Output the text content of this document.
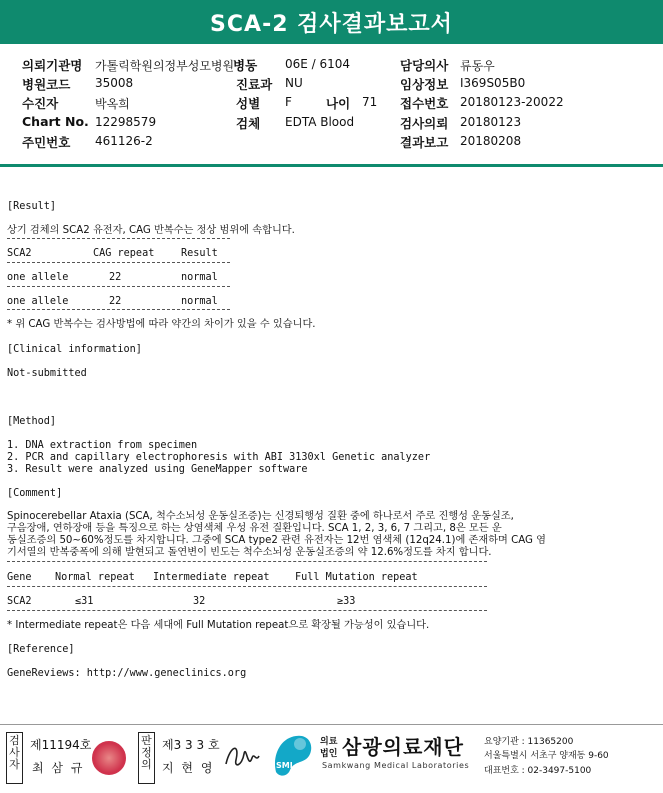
SCA-2 검사결과보고서
의뢰기관명 가톨릭학원의정부성모병원
병동 06E / 6104	담당의사 류동우
병원코드 35008	진료과 NU	임상정보 I369S05B0
수진자	박옥희	성별 F	나이 71 접수번호 20180123-20022
Chart No. 12298579	검체 EDTA Blood	검사의뢰 20180123
주민번호 461126-2	결과보고 20180208
[Result]
상기 검체의 SCA2 유전자, CAG 반복수는 정상 범위에 속합니다.
SCA2	CAG repeat	Result
one allele	22	normal
one allele	22	normal
* 위 CAG 반복수는 검사방법에 따라 약간의 차이가 있을 수 있습니다.
[Clinical information]
Not-submitted
[Method]
1. DNA extraction from specimen
2. PCR and capillary electrophoresis with ABI 3130xl Genetic analyzer
3. Result were analyzed using GeneMapper software
[Comment]
Spinocerebellar Ataxia (SCA, 척수소뇌성 운동실조증)는 신경퇴행성 질환 중에 하나로서 주로 진행성 운동실조,
구음장애, 연하장애 등을 특징으로 하는 상염색체 우성 유전 질환입니다. SCA 1, 2, 3, 6, 7 그리고, 8은 모든 운
동실조증의 50~60%정도를 차지합니다. 그중에 SCA type2 관련 유전자는 12번 염색체 (12q24.1)에 존재하며 CAG 염
기서열의 반복중폭에 의해 발현되고 돌연변이 빈도는 척수소뇌성 운동실조증의 약 12.6%정도를 차지 합니다.
Gene Normal repeat Intermediate repeat Full Mutation repeat
SCA2	≤31	32	≥33
* Intermediate repeat은 다음 세대에 Full Mutation repeat으로 확장될 가능성이 있습니다.
[Reference]
GeneReviews: http://www.geneclinics.org
검사자
제11194호
최 삼 규
판정의
제3 3 3 호
지 현 영	SML
의료
법인 삼광의료재단
Samkwang Medical Laboratories
요양기관 : 11365200
서울특별시 서초구 양재동 9-60
대표번호 : 02-3497-5100
